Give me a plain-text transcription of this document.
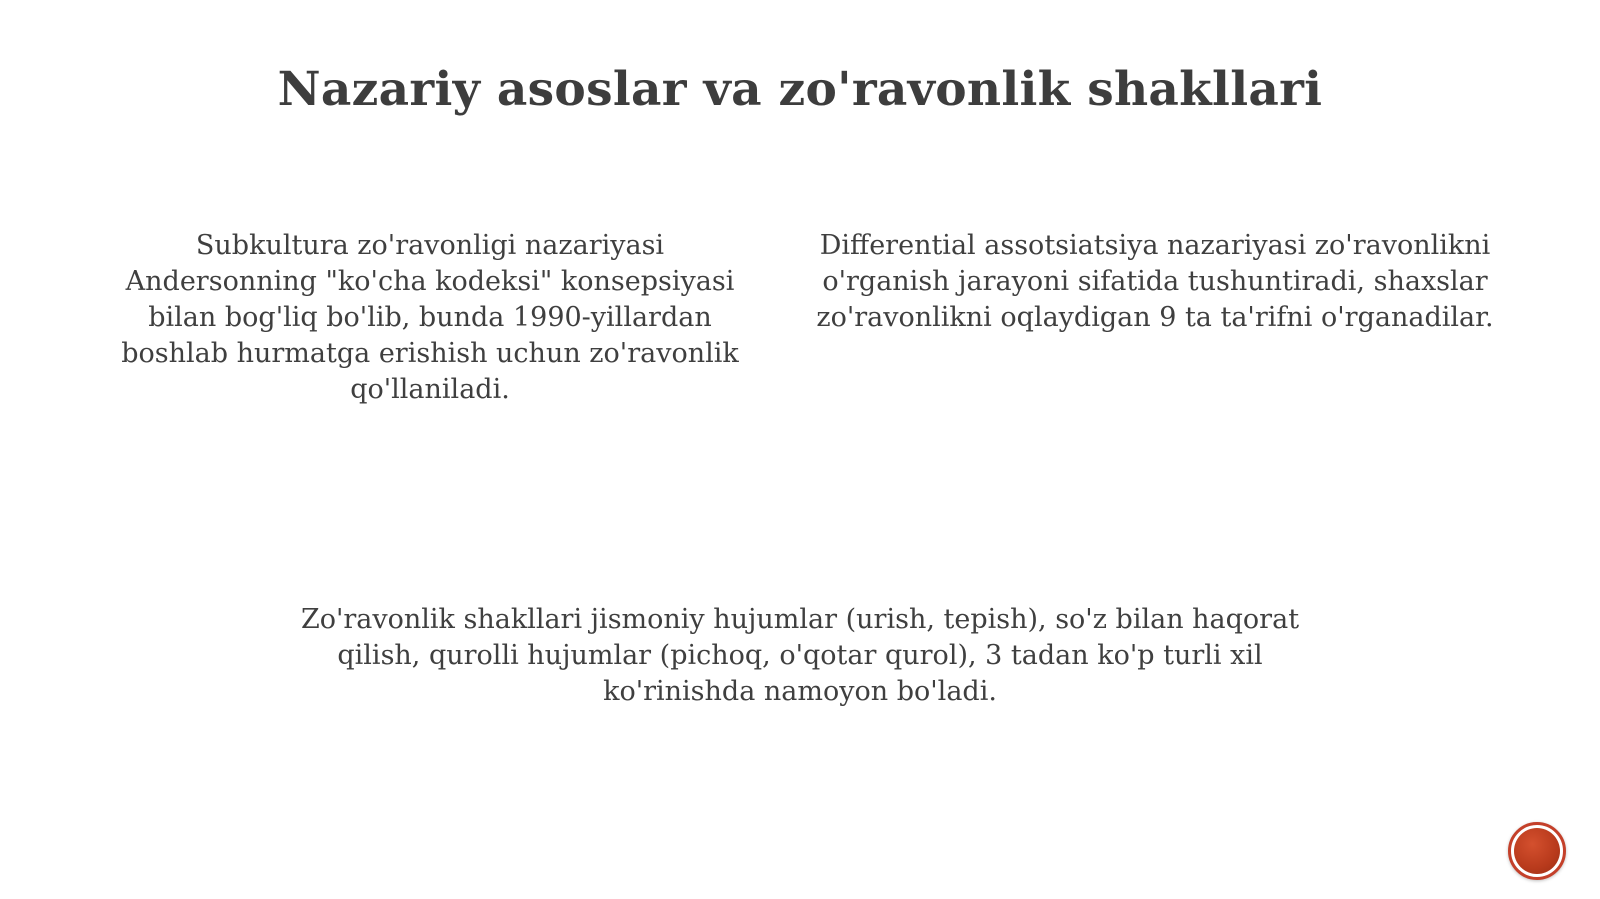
Nazariy asoslar va zo'ravonlik shakllari
Subkultura zo'ravonligi nazariyasi Andersonning "ko'cha kodeksi" konsepsiyasi bilan bog'liq bo'lib, bunda 1990-yillardan boshlab hurmatga erishish uchun zo'ravonlik qo'llaniladi.
Differential assotsiatsiya nazariyasi zo'ravonlikni o'rganish jarayoni sifatida tushuntiradi, shaxslar zo'ravonlikni oqlaydigan 9 ta ta'rifni o'rganadilar.
Zo'ravonlik shakllari jismoniy hujumlar (urish, tepish), so'z bilan haqorat qilish, qurolli hujumlar (pichoq, o'qotar qurol), 3 tadan ko'p turli xil ko'rinishda namoyon bo'ladi.
